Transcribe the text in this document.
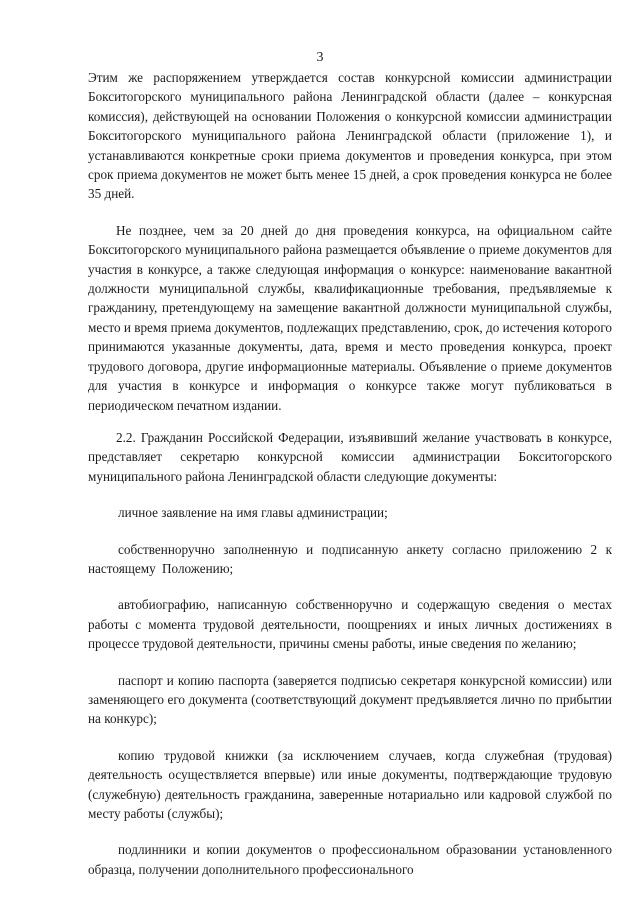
3

Этим же распоряжением утверждается состав конкурсной комиссии администрации Бокситогорского муниципального района Ленинградской области (далее – конкурсная комиссия), действующей на основании Положения о конкурсной комиссии администрации Бокситогорского муниципального района Ленинградской области (приложение 1), и устанавливаются конкретные сроки приема документов и проведения конкурса, при этом срок приема документов не может быть менее 15 дней, а срок проведения конкурса не более 35 дней.

Не позднее, чем за 20 дней до дня проведения конкурса, на официальном сайте Бокситогорского муниципального района размещается объявление о приеме документов для участия в конкурсе, а также следующая информация о конкурсе: наименование вакантной должности муниципальной службы, квалификационные требования, предъявляемые к гражданину, претендующему на замещение вакантной должности муниципальной службы, место и время приема документов, подлежащих представлению, срок, до истечения которого принимаются указанные документы, дата, время и место проведения конкурса, проект трудового договора, другие информационные материалы. Объявление о приеме документов для участия в конкурсе и информация о конкурсе также могут публиковаться в периодическом печатном издании.

2.2. Гражданин Российской Федерации, изъявивший желание участвовать в конкурсе, представляет секретарю конкурсной комиссии администрации Бокситогорского муниципального района Ленинградской области следующие документы:

личное заявление на имя главы администрации;

собственноручно заполненную и подписанную анкету согласно приложению 2 к настоящему Положению;

автобиографию, написанную собственноручно и содержащую сведения о местах работы с момента трудовой деятельности, поощрениях и иных личных достижениях в процессе трудовой деятельности, причины смены работы, иные сведения по желанию;

паспорт и копию паспорта (заверяется подписью секретаря конкурсной комиссии) или заменяющего его документа (соответствующий документ предъявляется лично по прибытии на конкурс);

копию трудовой книжки (за исключением случаев, когда служебная (трудовая) деятельность осуществляется впервые) или иные документы, подтверждающие трудовую (служебную) деятельность гражданина, заверенные нотариально или кадровой службой по месту работы (службы);

подлинники и копии документов о профессиональном образовании установленного образца, получении дополнительного профессионального
